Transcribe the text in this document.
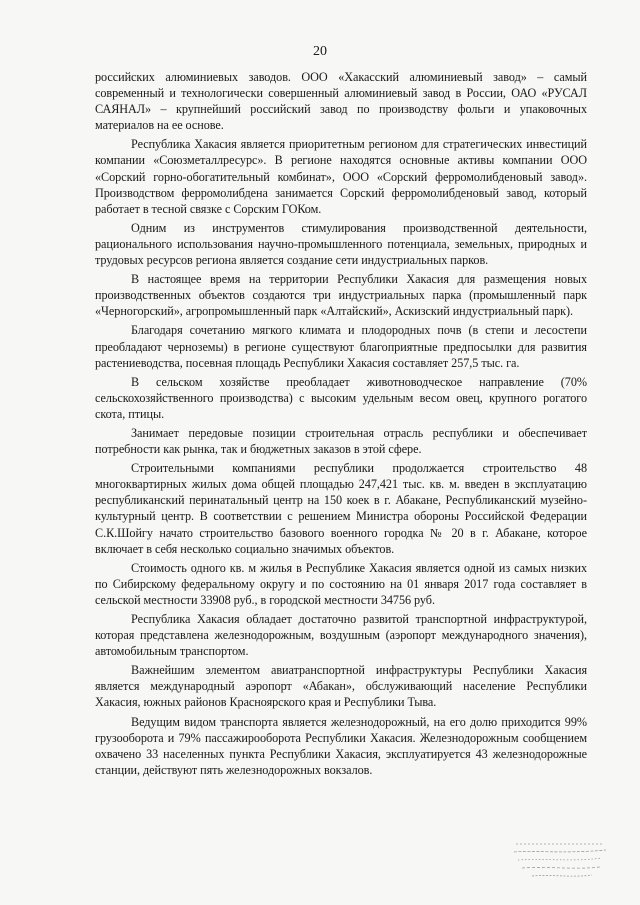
20

российских алюминиевых заводов. ООО «Хакасский алюминиевый завод» – самый современный и технологически совершенный алюминиевый завод в России, ОАО «РУСАЛ САЯНАЛ» – крупнейший российский завод по производству фольги и упаковочных материалов на ее основе.

Республика Хакасия является приоритетным регионом для стратегических инвестиций компании «Союзметаллресурс». В регионе находятся основные активы компании ООО «Сорский горно-обогатительный комбинат», ООО «Сорский ферромолибденовый завод». Производством ферромолибдена занимается Сорский ферромолибденовый завод, который работает в тесной связке с Сорским ГОКом.

Одним из инструментов стимулирования производственной деятельности, рационального использования научно-промышленного потенциала, земельных, природных и трудовых ресурсов региона является создание сети индустриальных парков.

В настоящее время на территории Республики Хакасия для размещения новых производственных объектов создаются три индустриальных парка (промышленный парк «Черногорский», агропромышленный парк «Алтайский», Аскизский индустриальный парк).

Благодаря сочетанию мягкого климата и плодородных почв (в степи и лесостепи преобладают черноземы) в регионе существуют благоприятные предпосылки для развития растениеводства, посевная площадь Республики Хакасия составляет 257,5 тыс. га.

В сельском хозяйстве преобладает животноводческое направление (70% сельскохозяйственного производства) с высоким удельным весом овец, крупного рогатого скота, птицы.

Занимает передовые позиции строительная отрасль республики и обеспечивает потребности как рынка, так и бюджетных заказов в этой сфере.

Строительными компаниями республики продолжается строительство 48 многоквартирных жилых дома общей площадью 247,421 тыс. кв. м. введен в эксплуатацию республиканский перинатальный центр на 150 коек в г. Абакане, Республиканский музейно-культурный центр. В соответствии с решением Министра обороны Российской Федерации С.К.Шойгу начато строительство базового военного городка № 20 в г. Абакане, которое включает в себя несколько социально значимых объектов.

Стоимость одного кв. м жилья в Республике Хакасия является одной из самых низких по Сибирскому федеральному округу и по состоянию на 01 января 2017 года составляет в сельской местности 33908 руб., в городской местности 34756 руб.

Республика Хакасия обладает достаточно развитой транспортной инфраструктурой, которая представлена железнодорожным, воздушным (аэропорт международного значения), автомобильным транспортом.

Важнейшим элементом авиатранспортной инфраструктуры Республики Хакасия является международный аэропорт «Абакан», обслуживающий население Республики Хакасия, южных районов Красноярского края и Республики Тыва.

Ведущим видом транспорта является железнодорожный, на его долю приходится 99% грузооборота и 79% пассажирооборота Республики Хакасия. Железнодорожным сообщением охвачено 33 населенных пункта Республики Хакасия, эксплуатируется 43 железнодорожные станции, действуют пять железнодорожных вокзалов.
